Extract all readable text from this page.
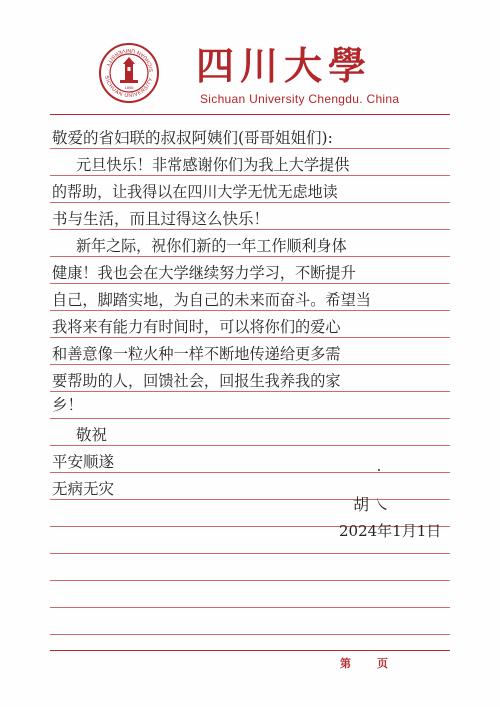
SICHUAN UNIVERSITY · SICHUAN UNIVERSITY
1896 四川大學
Sichuan University Chengdu. China
敬爱的省妇联的叔叔阿姨们(哥哥姐姐们):
元旦快乐！非常感谢你们为我上大学提供
的帮助，让我得以在四川大学无忧无虑地读
书与生活，而且过得这么快乐！
新年之际，祝你们新的一年工作顺利身体
健康！我也会在大学继续努力学习，不断提升
自己，脚踏实地，为自己的未来而奋斗。希望当
我将来有能力有时间时，可以将你们的爱心
和善意像一粒火种一样不断地传递给更多需
要帮助的人，回馈社会，回报生我养我的家
乡！
敬祝
平安顺遂
无病无灾
胡 ㇏
2024年1月1日
第页
